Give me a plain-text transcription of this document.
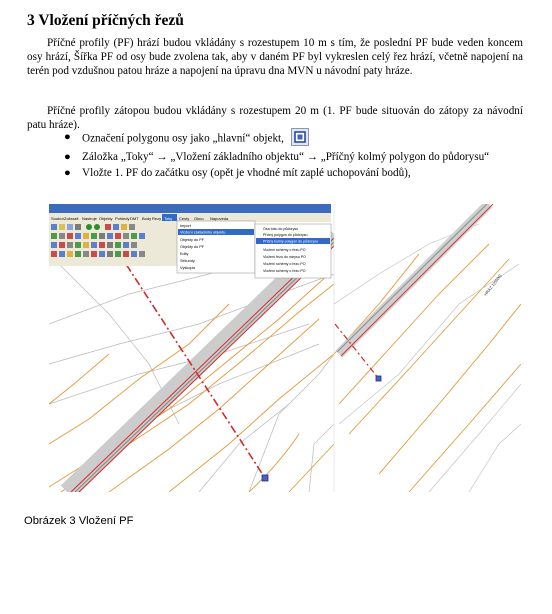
3 Vložení příčných řezů

Příčné profily (PF) hrází budou vkládány s rozestupem 10 m s tím, že poslední PF bude veden koncem osy hrází, Šířka PF od osy bude zvolena tak, aby v daném PF byl vykreslen celý řez hrází, včetně napojení na terén pod vzdušnou patou hráze a napojení na úpravu dna MVN u návodní paty hráze.

Příčné profily zátopou budou vkládány s rozestupem 20 m (1. PF bude situován do zátopy za návodní patu hráze).

● Označení polygonu osy jako „hlavní“ objekt,
● Záložka „Toky“ → „Vložení základního objektu“ → „Příčný kolmý polygon do půdorysu“
● Vložte 1. PF do začátku osy (opět je vhodné mít zaplé uchopování bodů),
Soubor Zobrazit Nastroje Objekty Pohledy DMT Body Rezy Toky Cesty Okno Napoveda
Import
Vložení základního objektu
Objekty do PF
Objekty do PF
Edity
Sekundy
Výškopis
Osa toku do půdorysu
Příčný polygon do půdorysu
Příčný kolmý polygon do půdorysu
Vložení schémy o řezu PO
Vložení řezu do nárysu PO
Vložení schémy o řezu PO
Vložení schémy o řezu PO
HRÁZ 1(6500)
Obrázek 3 Vložení PF
